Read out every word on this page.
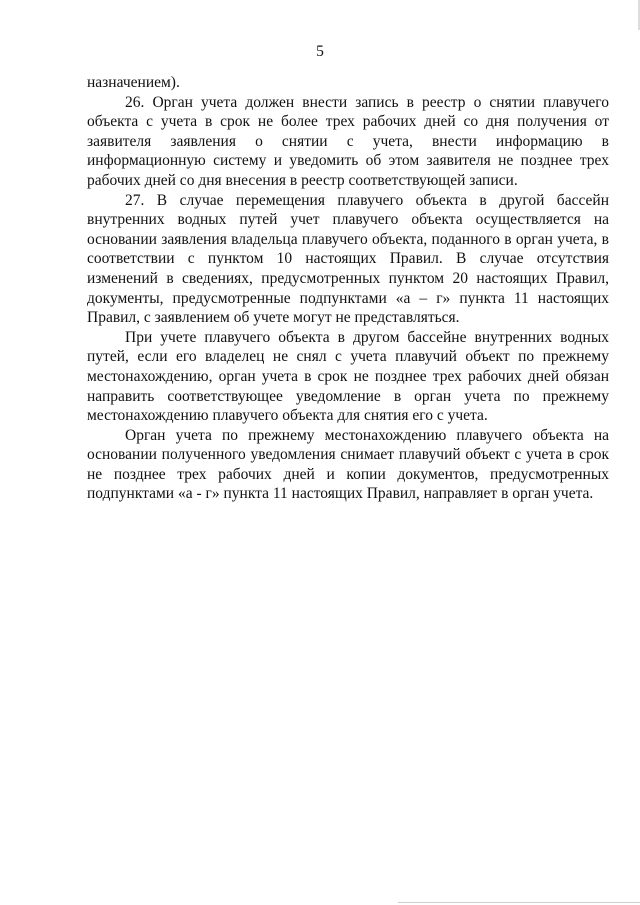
5

назначением).

26. Орган учета должен внести запись в реестр о снятии плавучего объекта с учета в срок не более трех рабочих дней со дня получения от заявителя заявления о снятии с учета, внести информацию в информационную систему и уведомить об этом заявителя не позднее трех рабочих дней со дня внесения в реестр соответствующей записи.

27. В случае перемещения плавучего объекта в другой бассейн внутренних водных путей учет плавучего объекта осуществляется на основании заявления владельца плавучего объекта, поданного в орган учета, в соответствии с пунктом 10 настоящих Правил. В случае отсутствия изменений в сведениях, предусмотренных пунктом 20 настоящих Правил, документы, предусмотренные подпунктами «а – г» пункта 11 настоящих Правил, с заявлением об учете могут не представляться.

При учете плавучего объекта в другом бассейне внутренних водных путей, если его владелец не снял с учета плавучий объект по прежнему местонахождению, орган учета в срок не позднее трех рабочих дней обязан направить соответствующее уведомление в орган учета по прежнему местонахождению плавучего объекта для снятия его с учета.

Орган учета по прежнему местонахождению плавучего объекта на основании полученного уведомления снимает плавучий объект с учета в срок не позднее трех рабочих дней и копии документов, предусмотренных подпунктами «а - г» пункта 11 настоящих Правил, направляет в орган учета.
